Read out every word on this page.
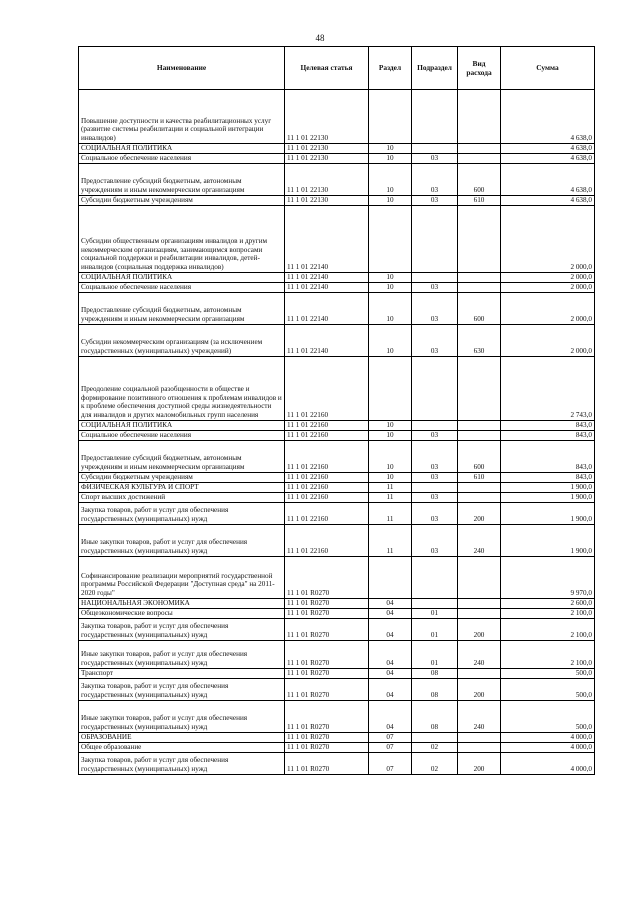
48
Наименование	Целевая статья	Раздел	Подраздел	Вид расхода	Сумма
Повышение доступности и качества реабилитационных услуг (развитие системы реабилитации и социальной интеграции инвалидов)	11 1 01 22130				4 638,0
СОЦИАЛЬНАЯ ПОЛИТИКА	11 1 01 22130	10			4 638,0
Социальное обеспечение населения	11 1 01 22130	10	03		4 638,0
Предоставление субсидий бюджетным, автономным учреждениям и иным некоммерческим организациям	11 1 01 22130	10	03	600	4 638,0
Субсидии бюджетным учреждениям	11 1 01 22130	10	03	610	4 638,0
Субсидии общественным организациям инвалидов и другим некоммерческим организациям, занимающимся вопросами социальной поддержки и реабилитации инвалидов, детей-инвалидов (социальная поддержка инвалидов)	11 1 01 22140				2 000,0
СОЦИАЛЬНАЯ ПОЛИТИКА	11 1 01 22140	10			2 000,0
Социальное обеспечение населения	11 1 01 22140	10	03		2 000,0
Предоставление субсидий бюджетным, автономным учреждениям и иным некоммерческим организациям	11 1 01 22140	10	03	600	2 000,0
Субсидии некоммерческим организациям (за исключением государственных (муниципальных) учреждений)	11 1 01 22140	10	03	630	2 000,0
Преодоление социальной разобщенности в обществе и формирование позитивного отношения к проблемам инвалидов и к проблеме обеспечения доступной среды жизнедеятельности для инвалидов и других маломобильных групп населения	11 1 01 22160				2 743,0
СОЦИАЛЬНАЯ ПОЛИТИКА	11 1 01 22160	10			843,0
Социальное обеспечение населения	11 1 01 22160	10	03		843,0
Предоставление субсидий бюджетным, автономным учреждениям и иным некоммерческим организациям	11 1 01 22160	10	03	600	843,0
Субсидии бюджетным учреждениям	11 1 01 22160	10	03	610	843,0
ФИЗИЧЕСКАЯ КУЛЬТУРА И СПОРТ	11 1 01 22160	11			1 900,0
Спорт высших достижений	11 1 01 22160	11	03		1 900,0
Закупка товаров, работ и услуг для обеспечения государственных (муниципальных) нужд	11 1 01 22160	11	03	200	1 900,0
Иные закупки товаров, работ и услуг для обеспечения государственных (муниципальных) нужд	11 1 01 22160	11	03	240	1 900,0
Софинансирование реализации мероприятий государственной программы Российской Федерации "Доступная среда" на 2011-2020 годы"	11 1 01 R0270				9 970,0
НАЦИОНАЛЬНАЯ ЭКОНОМИКА	11 1 01 R0270	04			2 600,0
Общеэкономические вопросы	11 1 01 R0270	04	01		2 100,0
Закупка товаров, работ и услуг для обеспечения государственных (муниципальных) нужд	11 1 01 R0270	04	01	200	2 100,0
Иные закупки товаров, работ и услуг для обеспечения государственных (муниципальных) нужд	11 1 01 R0270	04	01	240	2 100,0
Транспорт	11 1 01 R0270	04	08		500,0
Закупка товаров, работ и услуг для обеспечения государственных (муниципальных) нужд	11 1 01 R0270	04	08	200	500,0
Иные закупки товаров, работ и услуг для обеспечения государственных (муниципальных) нужд	11 1 01 R0270	04	08	240	500,0
ОБРАЗОВАНИЕ	11 1 01 R0270	07			4 000,0
Общее образование	11 1 01 R0270	07	02		4 000,0
Закупка товаров, работ и услуг для обеспечения государственных (муниципальных) нужд	11 1 01 R0270	07	02	200	4 000,0
